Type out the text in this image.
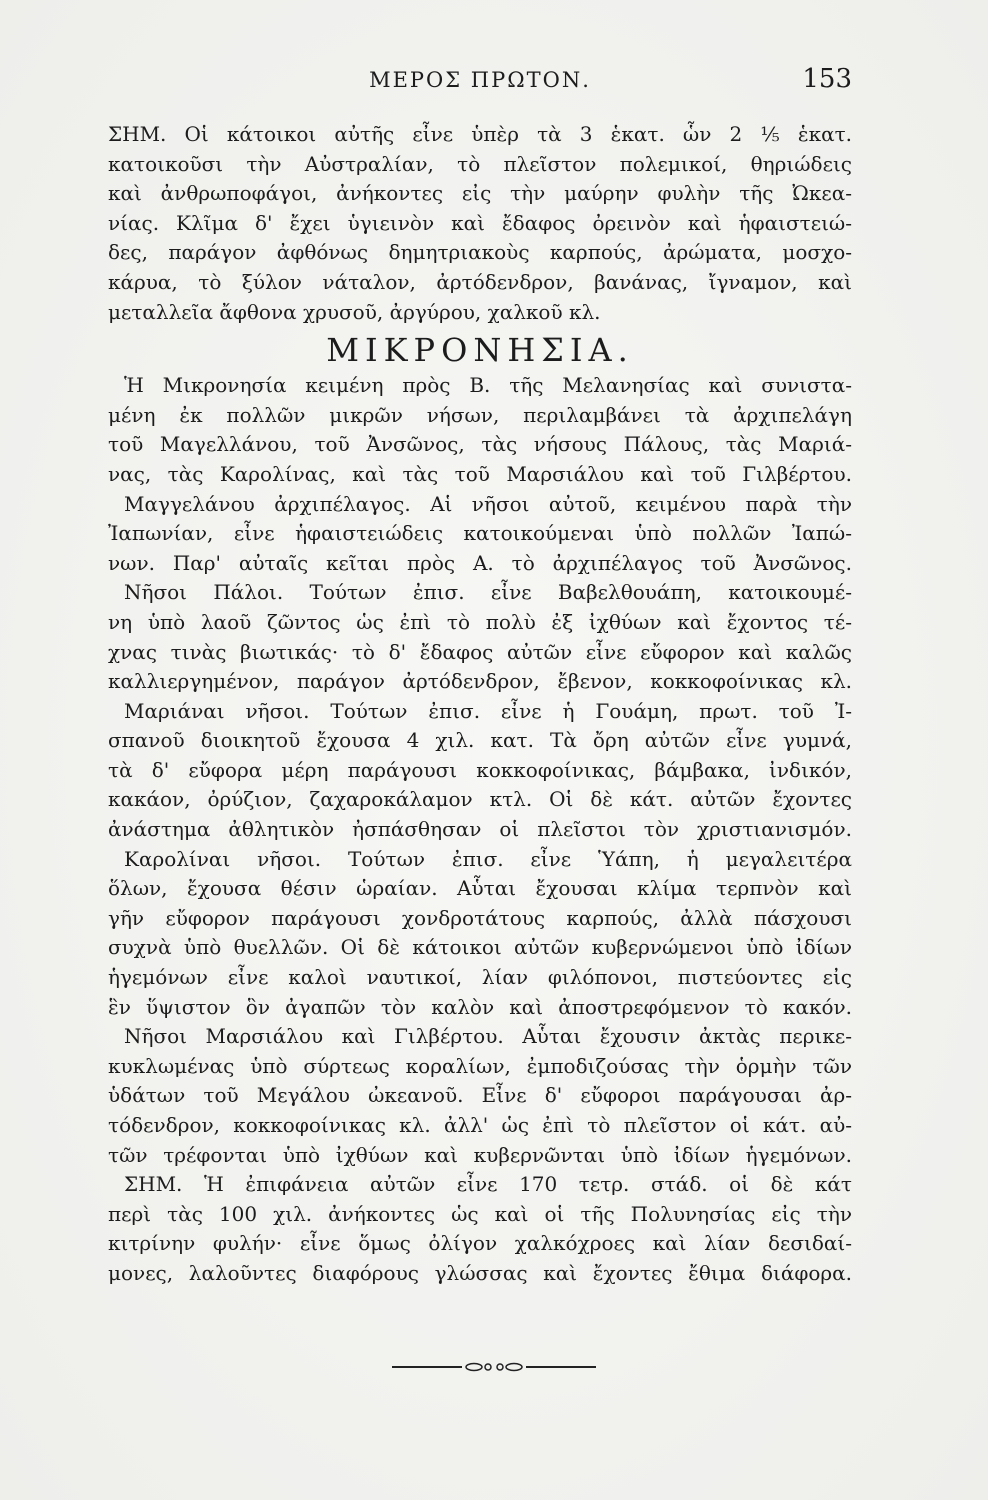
ΜΕΡΟΣ ΠΡΩΤΟΝ.	153
ΣΗΜ. Οἱ κάτοικοι αὐτῆς εἶνε ὑπὲρ τὰ 3 ἑκατ. ὧν 2 ⅕ ἑκατ.
κατοικοῦσι τὴν Αὐστραλίαν, τὸ πλεῖστον πολεμικοί, θηριώδεις
καὶ ἀνθρωποφάγοι, ἀνήκοντες εἰς τὴν μαύρην φυλὴν τῆς Ὠκεα-
νίας. Κλῖμα δ' ἔχει ὑγιεινὸν καὶ ἔδαφος ὀρεινὸν καὶ ἡφαιστειώ-
δες, παράγον ἀφθόνως δημητριακοὺς καρπούς, ἀρώματα, μοσχο-
κάρυα, τὸ ξύλον νάταλον, ἀρτόδενδρον, βανάνας, ἴγναμον, καὶ
μεταλλεῖα ἄφθονα χρυσοῦ, ἀργύρου, χαλκοῦ κλ.
ΜΙΚΡΟΝΗΣΙΑ.
Ἡ Μικρονησία κειμένη πρὸς Β. τῆς Μελανησίας καὶ συνιστα-
μένη ἐκ πολλῶν μικρῶν νήσων, περιλαμβάνει τὰ ἀρχιπελάγη
τοῦ Μαγελλάνου, τοῦ Ἀνσῶνος, τὰς νήσους Πάλους, τὰς Μαριά-
νας, τὰς Καρολίνας, καὶ τὰς τοῦ Μαρσιάλου καὶ τοῦ Γιλβέρτου.
Μαγγελάνου ἀρχιπέλαγος. Αἱ νῆσοι αὐτοῦ, κειμένου παρὰ τὴν
Ἰαπωνίαν, εἶνε ἡφαιστειώδεις κατοικούμεναι ὑπὸ πολλῶν Ἰαπώ-
νων. Παρ' αὐταῖς κεῖται πρὸς Α. τὸ ἀρχιπέλαγος τοῦ Ἀνσῶνος.
Νῆσοι Πάλοι. Τούτων ἐπισ. εἶνε Βαβελθουάπη, κατοικουμέ-
νη ὑπὸ λαοῦ ζῶντος ὡς ἐπὶ τὸ πολὺ ἐξ ἰχθύων καὶ ἔχοντος τέ-
χνας τινὰς βιωτικάς· τὸ δ' ἔδαφος αὐτῶν εἶνε εὔφορον καὶ καλῶς
καλλιεργημένον, παράγον ἀρτόδενδρον, ἔβενον, κοκκοφοίνικας κλ.
Μαριάναι νῆσοι. Τούτων ἐπισ. εἶνε ἡ Γουάμη, πρωτ. τοῦ Ἰ-
σπανοῦ διοικητοῦ ἔχουσα 4 χιλ. κατ. Τὰ ὄρη αὐτῶν εἶνε γυμνά,
τὰ δ' εὔφορα μέρη παράγουσι κοκκοφοίνικας, βάμβακα, ἰνδικόν,
κακάον, ὀρύζιον, ζαχαροκάλαμον κτλ. Οἱ δὲ κάτ. αὐτῶν ἔχοντες
ἀνάστημα ἀθλητικὸν ἠσπάσθησαν οἱ πλεῖστοι τὸν χριστιανισμόν.
Καρολίναι νῆσοι. Τούτων ἐπισ. εἶνε Ὑάπη, ἡ μεγαλειτέρα
ὅλων, ἔχουσα θέσιν ὡραίαν. Αὗται ἔχουσαι κλίμα τερπνὸν καὶ
γῆν εὔφορον παράγουσι χονδροτάτους καρπούς, ἀλλὰ πάσχουσι
συχνὰ ὑπὸ θυελλῶν. Οἱ δὲ κάτοικοι αὐτῶν κυβερνώμενοι ὑπὸ ἰδίων
ἡγεμόνων εἶνε καλοὶ ναυτικοί, λίαν φιλόπονοι, πιστεύοντες εἰς
ἓν ὕψιστον ὃν ἀγαπῶν τὸν καλὸν καὶ ἀποστρεφόμενον τὸ κακόν.
Νῆσοι Μαρσιάλου καὶ Γιλβέρτου. Αὗται ἔχουσιν ἀκτὰς περικε-
κυκλωμένας ὑπὸ σύρτεως κοραλίων, ἐμποδιζούσας τὴν ὁρμὴν τῶν
ὑδάτων τοῦ Μεγάλου ὠκεανοῦ. Εἶνε δ' εὔφοροι παράγουσαι ἀρ-
τόδενδρον, κοκκοφοίνικας κλ. ἀλλ' ὡς ἐπὶ τὸ πλεῖστον οἱ κάτ. αὐ-
τῶν τρέφονται ὑπὸ ἰχθύων καὶ κυβερνῶνται ὑπὸ ἰδίων ἡγεμόνων.
ΣΗΜ. Ἡ ἐπιφάνεια αὐτῶν εἶνε 170 τετρ. στάδ. οἱ δὲ κάτ
περὶ τὰς 100 χιλ. ἀνήκοντες ὡς καὶ οἱ τῆς Πολυνησίας εἰς τὴν
κιτρίνην φυλήν· εἶνε ὅμως ὀλίγον χαλκόχροες καὶ λίαν δεσιδαί-
μονες, λαλοῦντες διαφόρους γλώσσας καὶ ἔχοντες ἔθιμα διάφορα.
